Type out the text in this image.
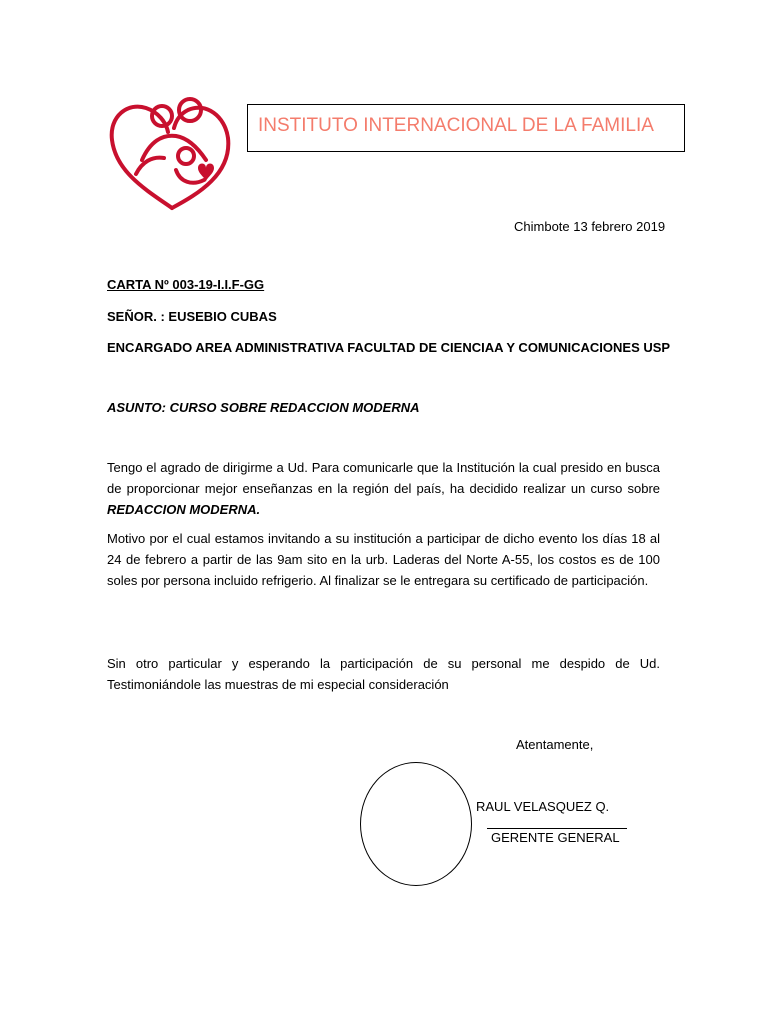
INSTITUTO INTERNACIONAL DE LA FAMILIA
Chimbote 13 febrero 2019
CARTA Nº 003-19-I.I.F-GG
SEÑOR. : EUSEBIO CUBAS
ENCARGADO AREA ADMINISTRATIVA FACULTAD DE CIENCIAA Y COMUNICACIONES USP
ASUNTO: CURSO SOBRE REDACCION MODERNA
Tengo el agrado de dirigirme a Ud. Para comunicarle que la Institución la cual presido en busca de proporcionar mejor enseñanzas en la región del país, ha decidido realizar un curso sobre REDACCION MODERNA.
Motivo por el cual estamos invitando a su institución a participar de dicho evento los días 18 al 24 de febrero a partir de las 9am sito en la urb. Laderas del Norte A-55, los costos es de 100 soles por persona incluido refrigerio. Al finalizar se le entregara su certificado de participación.
Sin otro particular y esperando la participación de su personal me despido de Ud. Testimoniándole las muestras de mi especial consideración
Atentamente,
RAUL VELASQUEZ Q.
GERENTE GENERAL
